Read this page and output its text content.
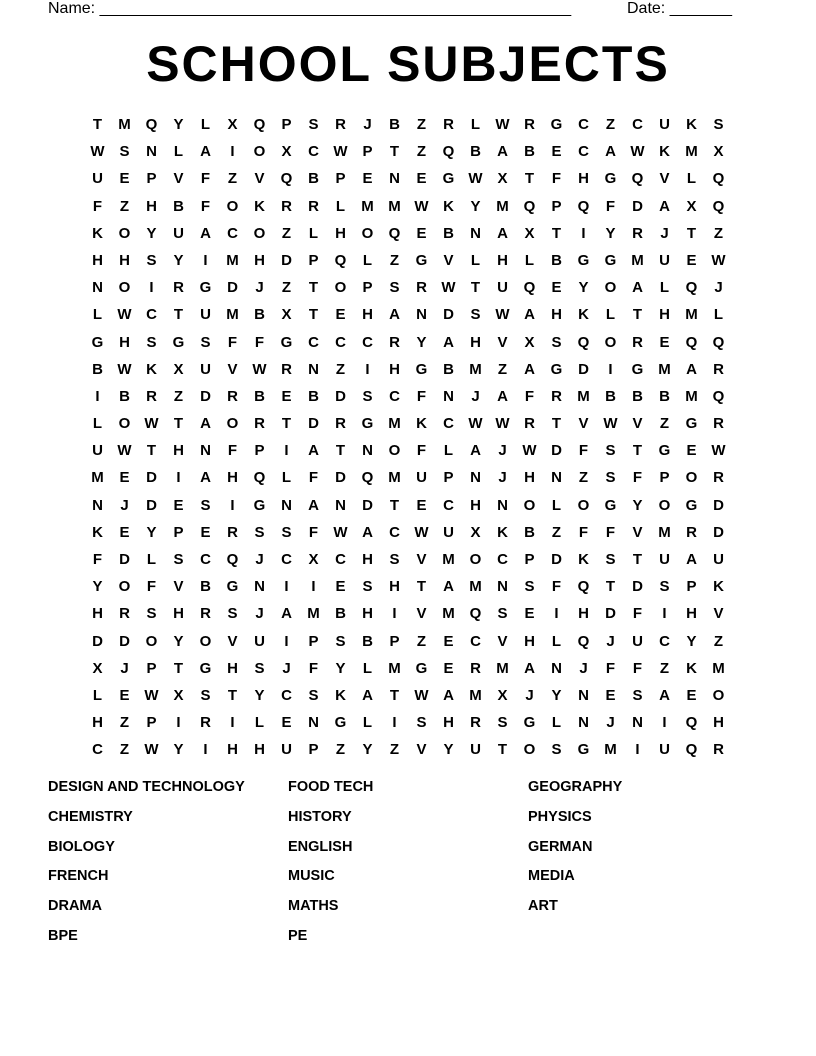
Name: _____________________________________________________	Date: _______
SCHOOL SUBJECTS
T	M Q	Y	L	X	Q	P	S	R	J	B	Z	R	L	W R	G	C	Z	C	U	K	S
W S	N	L	A	I	O	X	C W P	T	Z	Q	B	A	B	E	C	A W K	M	X
U	E	P	V	F	Z	V	Q	B	P	E	N	E	G W X	T	F	H	G	Q	V	L	Q
F	Z	H	B	F	O	K	R	R	L	M M W K	Y	M Q	P	Q	F	D	A	X	Q
K	O	Y	U	A	C	O	Z	L	H	O	Q	E	B	N	A	X	T	I	Y	R	J	T	Z
H	H	S	Y	I	M	H	D	P	Q	L	Z	G	V	L	H	L	B	G	G M	U	E W
N	O	I	R	G	D	J	Z	T	O	P	S	R W	T	U	Q	E	Y	O	A	L	Q	J
L	W C	T	U	M	B	X	T	E	H	A	N	D	S W A	H	K	L	T	H	M	L
G	H	S	G	S	F	F	G	C	C	C	R	Y	A	H	V	X	S	Q	O	R	E	Q	Q
B W K	X	U	V W R	N	Z	I	H	G	B	M	Z	A	G	D	I	G M	A	R
I	B	R	Z	D	R	B	E	B	D	S	C	F	N	J	A	F	R	M	B	B	B	M Q
L	O W	T	A	O	R	T	D	R	G M	K	C W W R	T	V W V	Z	G	R
U W	T	H	N	F	P	I	A	T	N	O	F	L	A	J	W D	F	S	T	G	E W
M	E	D	I	A	H	Q	L	F	D	Q M	U	P	N	J	H	N	Z	S	F	P	O	R
N	J	D	E	S	I	G	N	A	N	D	T	E	C	H	N	O	L	O	G	Y	O	G	D
K	E	Y	P	E	R	S	S	F	W A	C W U	X	K	B	Z	F	F	V	M	R	D
F	D	L	S	C	Q	J	C	X	C	H	S	V	M O	C	P	D	K	S	T	U	A	U
Y	O	F	V	B	G	N	I	I	E	S	H	T	A	M	N	S	F	Q	T	D	S	P	K
H	R	S	H	R	S	J	A	M	B	H	I	V	M Q	S	E	I	H	D	F	I	H	V
D	D	O	Y	O	V	U	I	P	S	B	P	Z	E	C	V	H	L	Q	J	U	C	Y	Z
X	J	P	T	G	H	S	J	F	Y	L	M G	E	R	M	A	N	J	F	F	Z	K	M
L	E W X	S	T	Y	C	S	K	A	T	W A	M	X	J	Y	N	E	S	A	E	O
H	Z	P	I	R	I	L	E	N	G	L	I	S	H	R	S	G	L	N	J	N	I	Q	H
C	Z	W Y	I	H	H	U	P	Z	Y	Z	V	Y	U	T	O	S	G M	I	U	Q	R
DESIGN AND TECHNOLOGY	FOOD TECH	GEOGRAPHY
CHEMISTRY	HISTORY	PHYSICS
BIOLOGY	ENGLISH	GERMAN
FRENCH	MUSIC	MEDIA
DRAMA	MATHS	ART
BPE	PE
